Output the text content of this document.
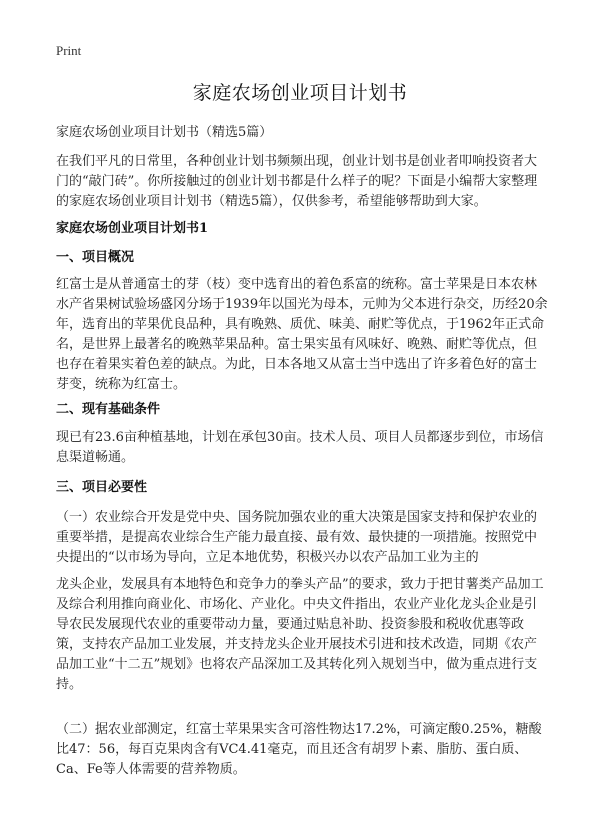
Print
家庭农场创业项目计划书

家庭农场创业项目计划书（精选5篇）

在我们平凡的日常里，各种创业计划书频频出现，创业计划书是创业者叩响投资者大门的“敲门砖”。你所接触过的创业计划书都是什么样子的呢？下面是小编帮大家整理的家庭农场创业项目计划书（精选5篇），仅供参考，希望能够帮助到大家。

家庭农场创业项目计划书1

一、项目概况

红富士是从普通富士的芽（枝）变中选育出的着色系富的统称。富士苹果是日本农林水产省果树试验场盛冈分场于1939年以国光为母本，元帅为父本进行杂交，历经20余年，选育出的苹果优良品种，具有晚熟、质优、味美、耐贮等优点，于1962年正式命名，是世界上最著名的晚熟苹果品种。富士果实虽有风味好、晚熟、耐贮等优点，但也存在着果实着色差的缺点。为此，日本各地又从富士当中选出了许多着色好的富士芽变，统称为红富士。

二、现有基础条件

现已有23.6亩种植基地，计划在承包30亩。技术人员、项目人员都逐步到位，市场信息渠道畅通。

三、项目必要性

（一）农业综合开发是党中央、国务院加强农业的重大决策是国家支持和保护农业的重要举措，是提高农业综合生产能力最直接、最有效、最快捷的一项措施。按照党中央提出的“以市场为导向，立足本地优势，积极兴办以农产品加工业为主的

龙头企业，发展具有本地特色和竞争力的拳头产品”的要求，致力于把甘薯类产品加工及综合利用推向商业化、市场化、产业化。中央文件指出，农业产业化龙头企业是引导农民发展现代农业的重要带动力量，要通过贴息补助、投资参股和税收优惠等政策，支持农产品加工业发展，并支持龙头企业开展技术引进和技术改造，同期《农产品加工业“十二五”规划》也将农产品深加工及其转化列入规划当中，做为重点进行支持。

（二）据农业部测定，红富士苹果果实含可溶性物达17.2%，可滴定酸0.25%，糖酸比47：56，每百克果肉含有VC4.41毫克，而且还含有胡罗卜素、脂肪、蛋白质、Ca、Fe等人体需要的营养物质。
